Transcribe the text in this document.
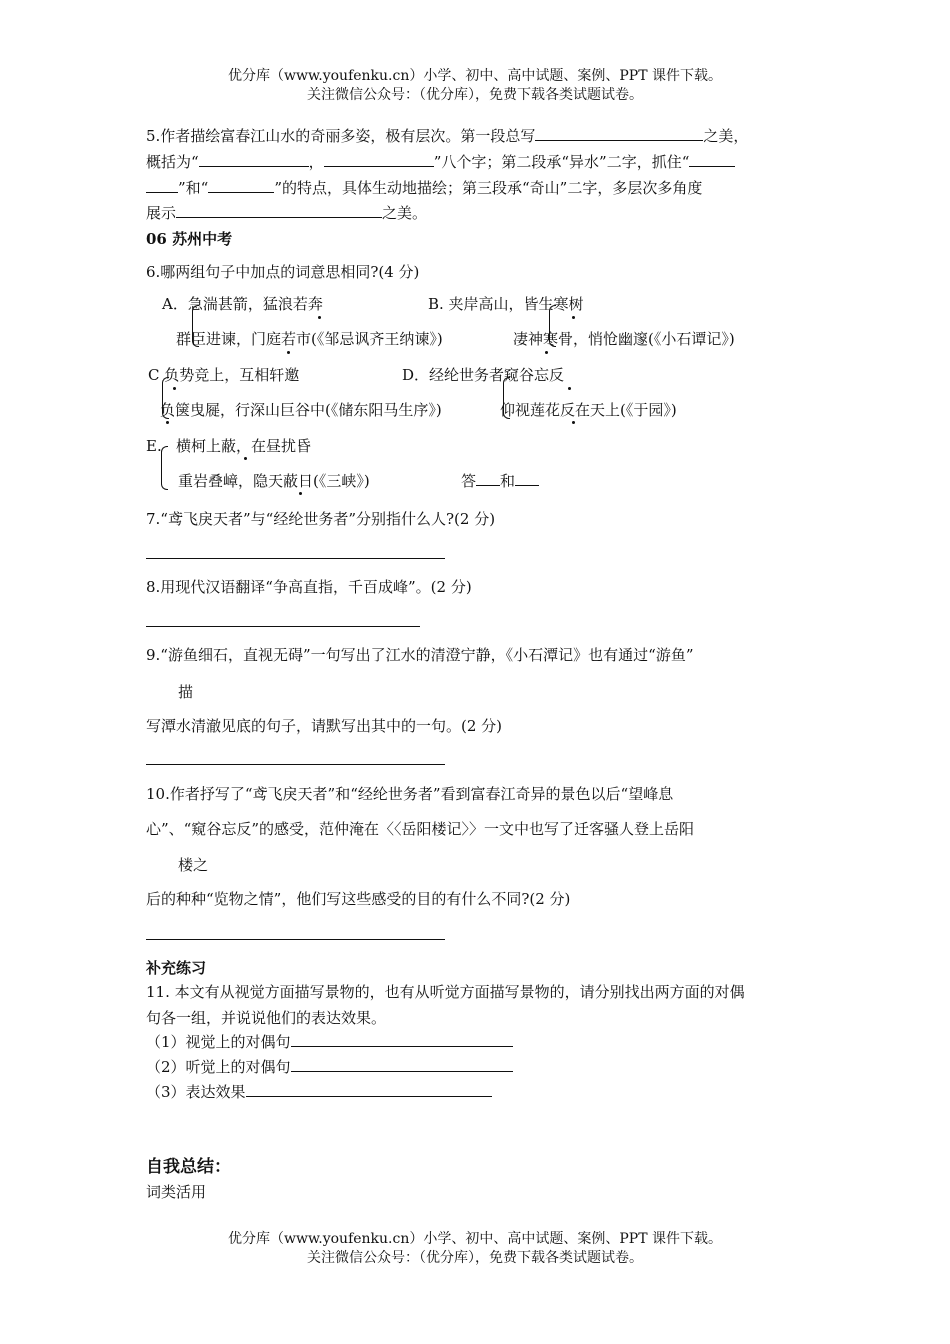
优分库（www.youfenku.cn）小学、初中、高中试题、案例、PPT 课件下载。
关注微信公众号：（优分库），免费下载各类试题试卷。
5.作者描绘富春江山水的奇丽多姿，极有层次。第一段总写	之美，
概括为“	，	”八个字；第二段承“异水”二字，抓住“
”和“	”的特点，具体生动地描绘；第三段承“奇山”二字，多层次多角度
展示	之美。
06 苏州中考
6.哪两组句子中加点的词意思相同?(4 分)
A．急湍甚箭，猛浪若奔
群臣进谏，门庭若市(《邹忌讽齐王纳谏》)
B. 夹岸高山，皆生寒树
凄神寒骨，悄怆幽邃(《小石谭记》)
C 负势竞上，互相轩邀
负箧曳屣，行深山巨谷中(《储东阳马生序》)
D．经纶世务者窥谷忘反
仰视莲花反在天上(《于园》)
E. 横柯上蔽，在昼扰昏
重岩叠嶂，隐天蔽日(《三峡》)	答 和
7.“鸢飞戾天者”与“经纶世务者”分别指什么人?(2 分)
8.用现代汉语翻译“争高直指，千百成峰”。(2 分)
9.“游鱼细石，直视无碍”一句写出了江水的清澄宁静，《小石潭记》也有通过“游鱼”
描
写潭水清澈见底的句子，请默写出其中的一句。(2 分)
10.作者抒写了“鸢飞戾天者”和“经纶世务者”看到富春江奇异的景色以后“望峰息
心”、“窥谷忘反”的感受，范仲淹在〈〈岳阳楼记〉〉一文中也写了迁客骚人登上岳阳
楼之
后的种种“览物之情”，他们写这些感受的目的有什么不同?(2 分)
补充练习
11. 本文有从视觉方面描写景物的，也有从听觉方面描写景物的，请分别找出两方面的对偶
句各一组，并说说他们的表达效果。
（1）视觉上的对偶句
（2）听觉上的对偶句
（3）表达效果
自我总结：
词类活用
优分库（www.youfenku.cn）小学、初中、高中试题、案例、PPT 课件下载。
关注微信公众号：（优分库），免费下载各类试题试卷。
